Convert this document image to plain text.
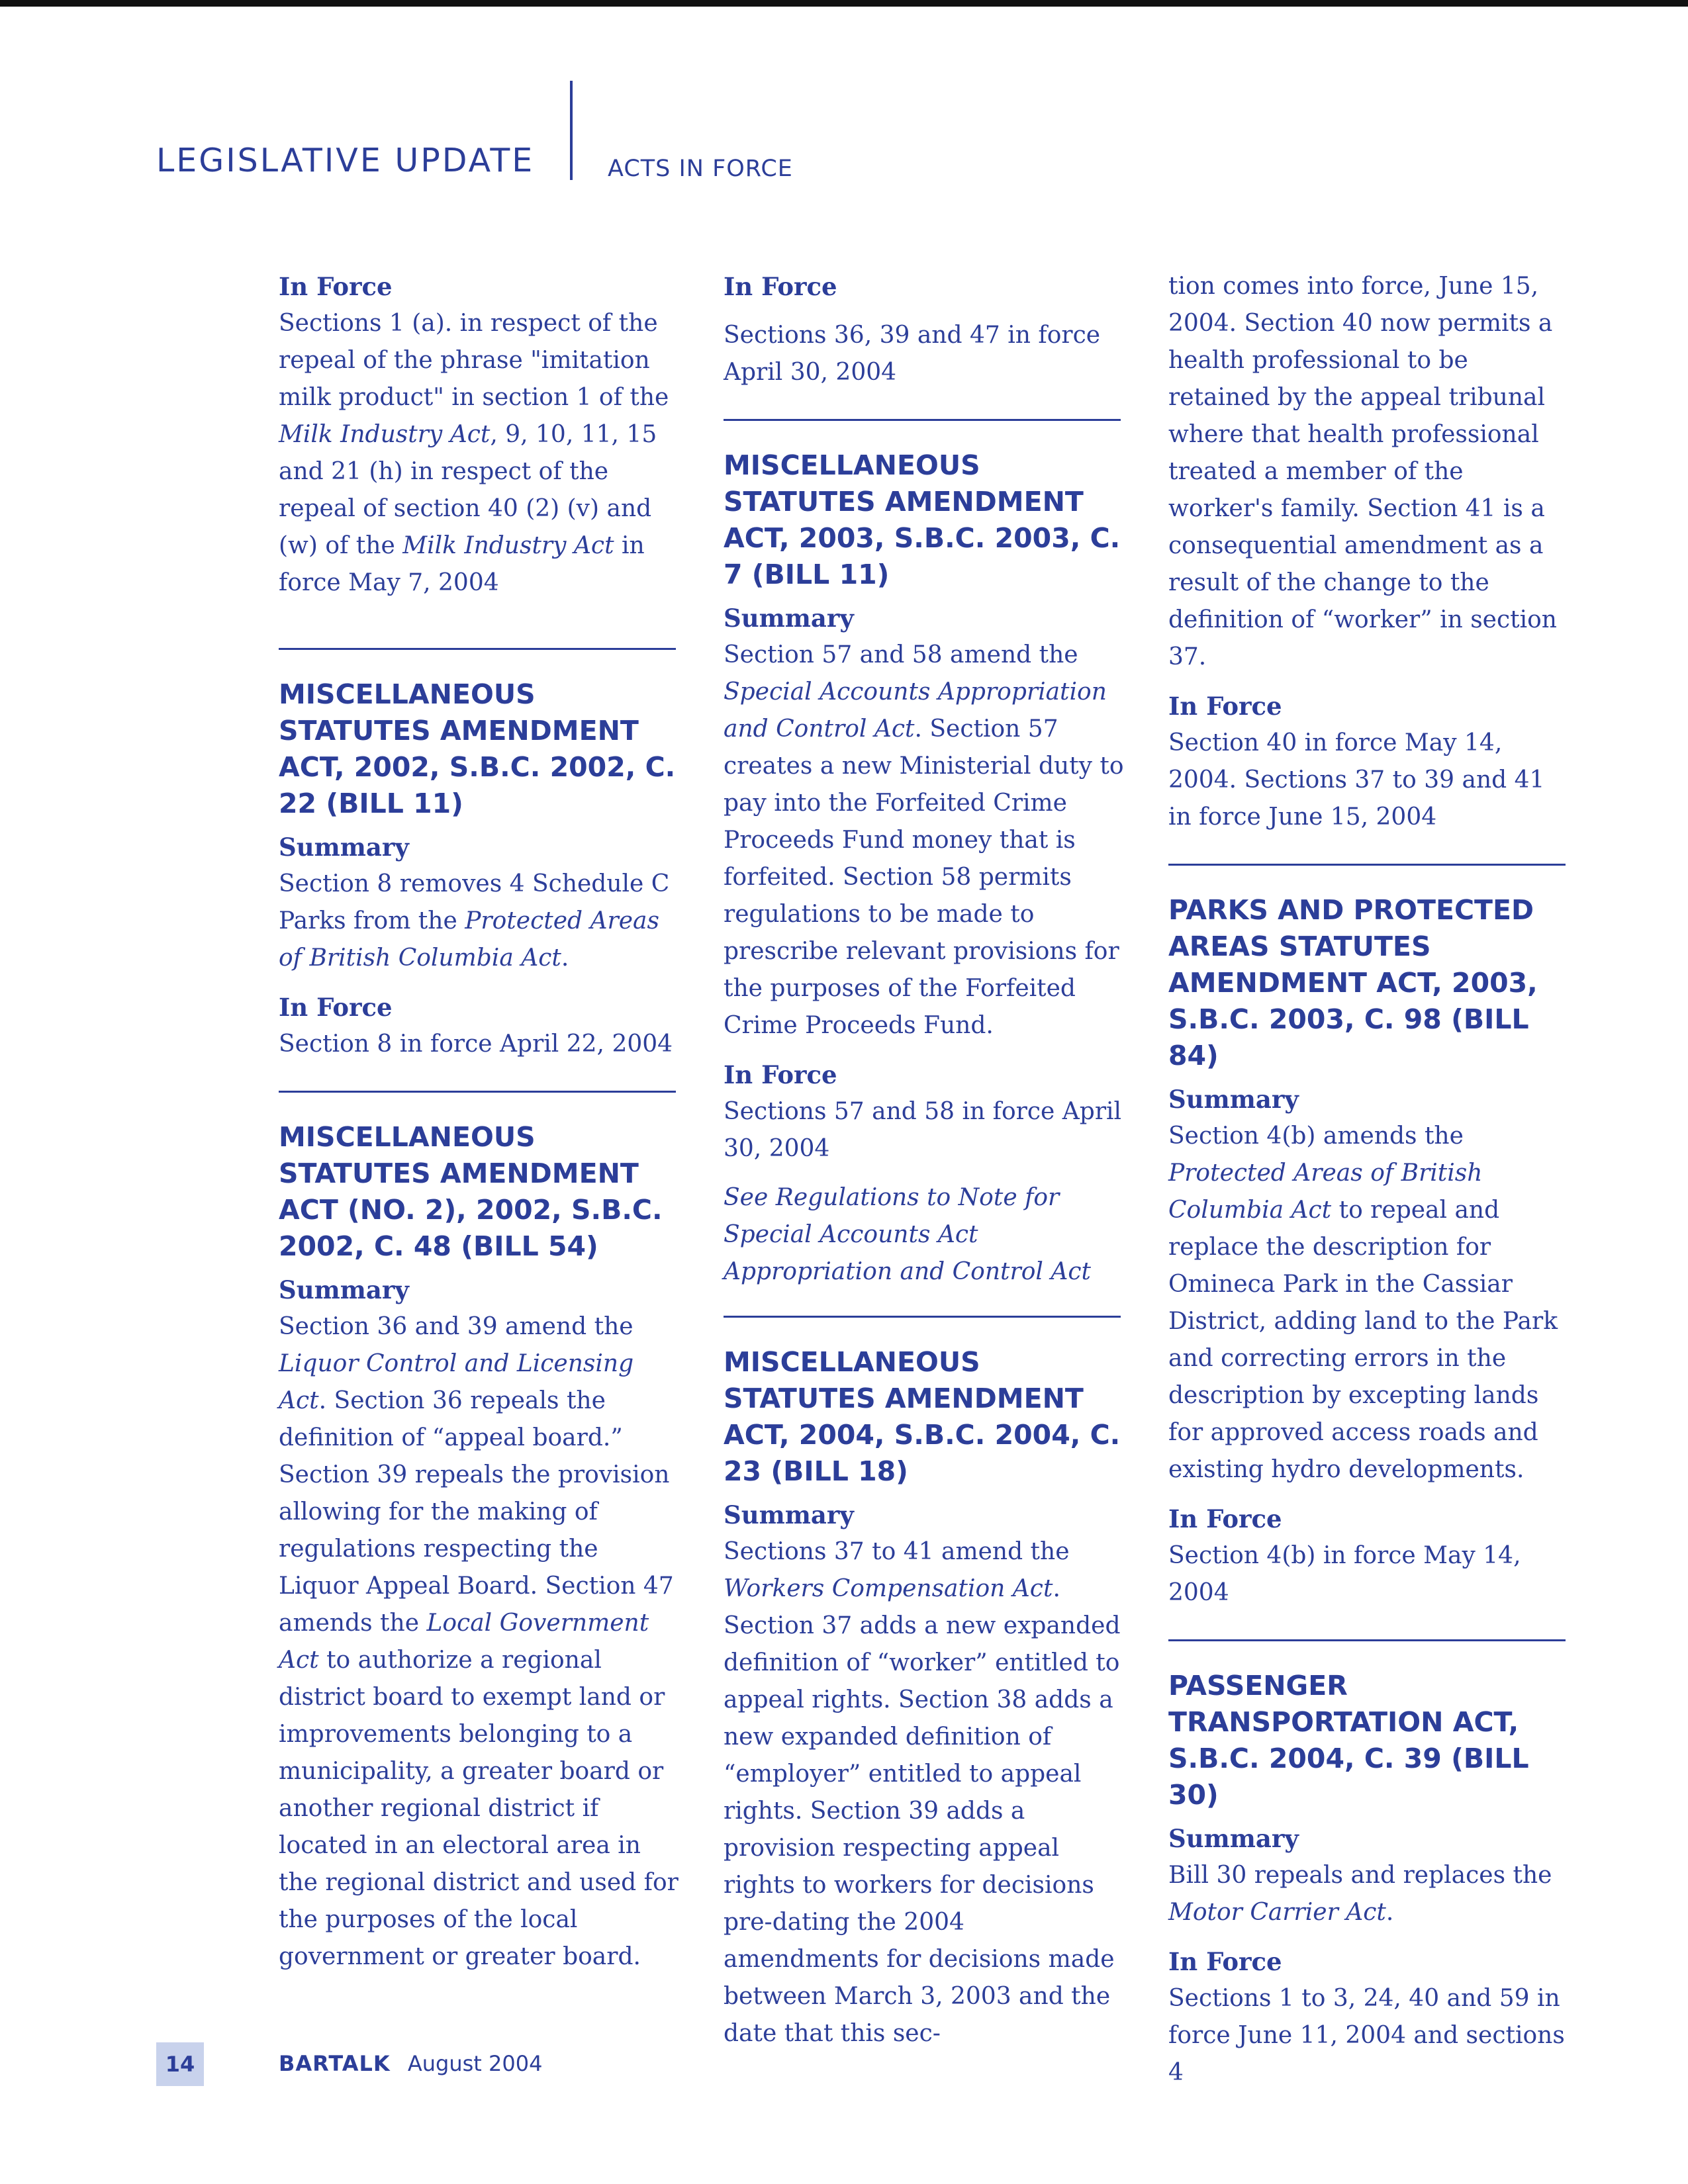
LEGISLATIVE UPDATE	ACTS IN FORCE

In Force

Sections 1 (a). in respect of the repeal of the phrase "imitation milk product" in section 1 of the Milk Industry Act, 9, 10, 11, 15 and 21 (h) in respect of the repeal of section 40 (2) (v) and (w) of the Milk Industry Act in force May 7, 2004

MISCELLANEOUS STATUTES AMENDMENT ACT, 2002, S.B.C. 2002, C. 22 (BILL 11)

Summary

Section 8 removes 4 Schedule C Parks from the Protected Areas of British Columbia Act.

In Force

Section 8 in force April 22, 2004

MISCELLANEOUS STATUTES AMENDMENT ACT (NO. 2), 2002, S.B.C. 2002, C. 48 (BILL 54)

Summary

Section 36 and 39 amend the Liquor Control and Licensing Act. Section 36 repeals the definition of “appeal board.” Section 39 repeals the provision allowing for the making of regulations respecting the Liquor Appeal Board. Section 47 amends the Local Government Act to authorize a regional district board to exempt land or improvements belonging to a municipality, a greater board or another regional district if located in an electoral area in the regional district and used for the purposes of the local government or greater board.

In Force

Sections 36, 39 and 47 in force April 30, 2004

MISCELLANEOUS STATUTES AMENDMENT ACT, 2003, S.B.C. 2003, C. 7 (BILL 11)

Summary

Section 57 and 58 amend the Special Accounts Appropriation and Control Act. Section 57 creates a new Ministerial duty to pay into the Forfeited Crime Proceeds Fund money that is forfeited. Section 58 permits regulations to be made to prescribe relevant provisions for the purposes of the Forfeited Crime Proceeds Fund.

In Force

Sections 57 and 58 in force April 30, 2004

See Regulations to Note for Special Accounts Act Appropriation and Control Act

MISCELLANEOUS STATUTES AMENDMENT ACT, 2004, S.B.C. 2004, C. 23 (BILL 18)

Summary

Sections 37 to 41 amend the Workers Compensation Act. Section 37 adds a new expanded definition of “worker” entitled to appeal rights. Section 38 adds a new expanded definition of “employer” entitled to appeal rights. Section 39 adds a provision respecting appeal rights to workers for decisions pre-dating the 2004 amendments for decisions made between March 3, 2003 and the date that this sec-

tion comes into force, June 15, 2004. Section 40 now permits a health professional to be retained by the appeal tribunal where that health professional treated a member of the worker's family. Section 41 is a consequential amendment as a result of the change to the definition of “worker” in section 37.

In Force

Section 40 in force May 14, 2004. Sections 37 to 39 and 41 in force June 15, 2004

PARKS AND PROTECTED AREAS STATUTES AMENDMENT ACT, 2003, S.B.C. 2003, C. 98 (BILL 84)

Summary

Section 4(b) amends the Protected Areas of British Columbia Act to repeal and replace the description for Omineca Park in the Cassiar District, adding land to the Park and correcting errors in the description by excepting lands for approved access roads and existing hydro developments.

In Force

Section 4(b) in force May 14, 2004

PASSENGER TRANSPORTATION ACT, S.B.C. 2004, C. 39 (BILL 30)

Summary

Bill 30 repeals and replaces the Motor Carrier Act.

In Force

Sections 1 to 3, 24, 40 and 59 in force June 11, 2004 and sections 4

14	BARTALK August 2004
